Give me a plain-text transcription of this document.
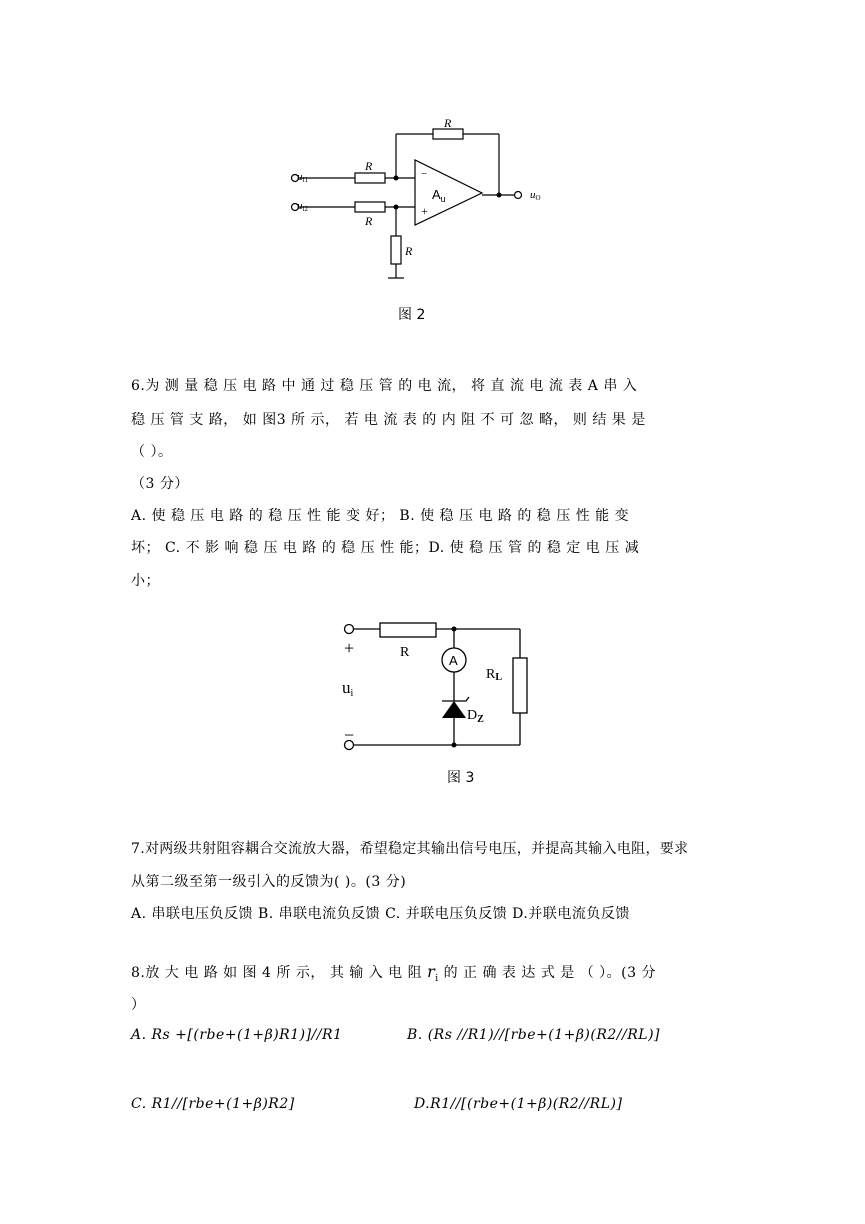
R
R
R
R
−
+
$A_u$
ui1
ui2
uO
图 2
6.为 测 量 稳 压 电 路 中 通 过 稳 压 管 的 电 流， 将 直 流 电 流 表 A 串 入
稳 压 管 支 路， 如 图3 所 示， 若 电 流 表 的 内 阻 不 可 忽 略， 则 结 果 是
（ ）。
（3 分）
A. 使 稳 压 电 路 的 稳 压 性 能 变 好； B. 使 稳 压 电 路 的 稳 压 性 能 变
坏； C. 不 影 响 稳 压 电 路 的 稳 压 性 能；D. 使 稳 压 管 的 稳 定 电 压 减
小；
+
−
R
A
RL
ui
$D_Z$
图 3
7.对两级共射阻容耦合交流放大器，希望稳定其输出信号电压，并提高其输入电阻，要求
从第二级至第一级引入的反馈为( )。(3 分)
A. 串联电压负反馈 B. 串联电流负反馈 C. 并联电压负反馈 D.并联电流负反馈
8.放 大 电 路 如 图 4 所 示， 其 输 入 电 阻 $r_i$ 的 正 确 表 达 式 是 （ ）。(3 分
）
A. Rs +[(rbe+(1+β)R1)]//R1	B. (Rs //R1)//[rbe+(1+β)(R2//RL)]
C. R1//[rbe+(1+β)R2]	D.R1//[(rbe+(1+β)(R2//RL)]
